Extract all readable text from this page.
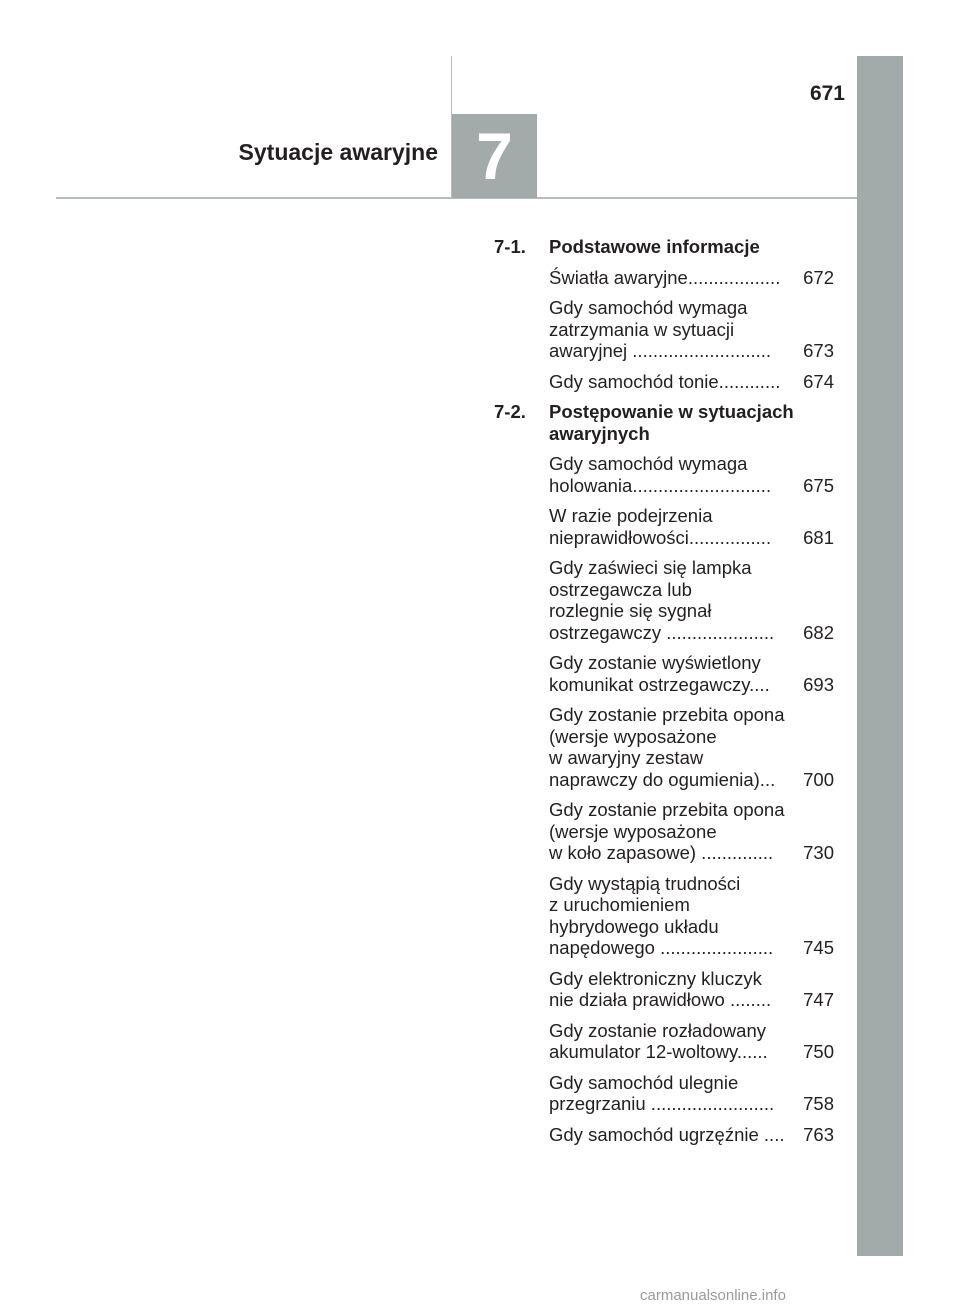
671
Sytuacje awaryjne 7
7-1.	Podstawowe informacje
672
Światła awaryjne..................
Gdy samochód wymaga
zatrzymania w sytuacji
673
awaryjnej ...........................
674
Gdy samochód tonie............
7-2.	Postępowanie w sytuacjach awaryjnych
Gdy samochód wymaga
675
holowania...........................
W razie podejrzenia
681
nieprawidłowości................
Gdy zaświeci się lampka
ostrzegawcza lub
rozlegnie się sygnał
682
ostrzegawczy .....................
Gdy zostanie wyświetlony
693
komunikat ostrzegawczy....
Gdy zostanie przebita opona
(wersje wyposażone
w awaryjny zestaw
700
naprawczy do ogumienia)...
Gdy zostanie przebita opona
(wersje wyposażone
730
w koło zapasowe) ..............
Gdy wystąpią trudności
z uruchomieniem
hybrydowego układu
745
napędowego ......................
Gdy elektroniczny kluczyk
747
nie działa prawidłowo ........
Gdy zostanie rozładowany
750
akumulator 12-woltowy......
Gdy samochód ulegnie
758
przegrzaniu ........................
763
Gdy samochód ugrzęźnie ....
carmanualsonline.info
